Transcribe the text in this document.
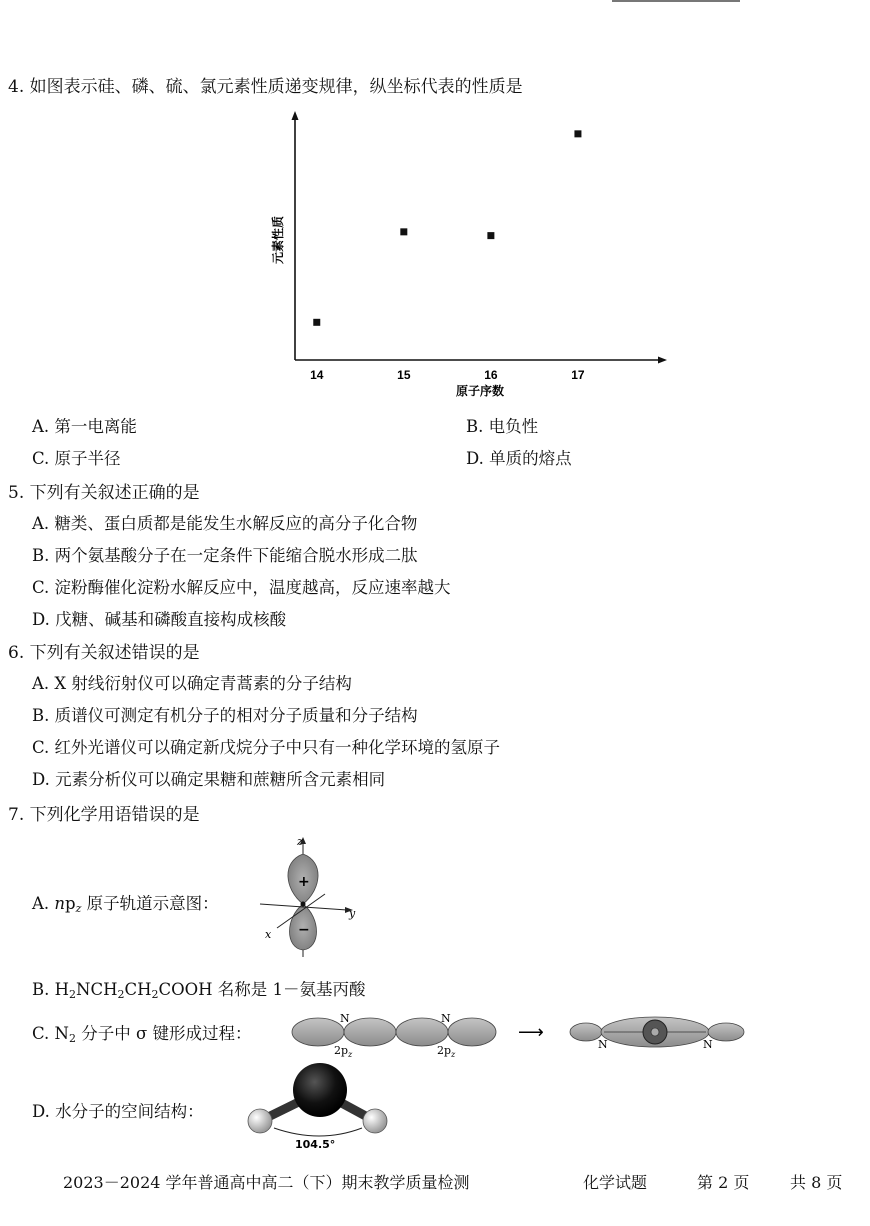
4. 如图表示硅、磷、硫、氯元素性质递变规律，纵坐标代表的性质是
14	15	16	17
原子序数
元素性质
A. 第一电离能	B. 电负性
C. 原子半径	D. 单质的熔点
5. 下列有关叙述正确的是
A. 糖类、蛋白质都是能发生水解反应的高分子化合物
B. 两个氨基酸分子在一定条件下能缩合脱水形成二肽
C. 淀粉酶催化淀粉水解反应中，温度越高，反应速率越大
D. 戊糖、碱基和磷酸直接构成核酸
6. 下列有关叙述错误的是
A. X 射线衍射仪可以确定青蒿素的分子结构
B. 质谱仪可测定有机分子的相对分子质量和分子结构
C. 红外光谱仪可以确定新戊烷分子中只有一种化学环境的氢原子
D. 元素分析仪可以确定果糖和蔗糖所含元素相同
7. 下列化学用语错误的是
A. $np_z$ 原子轨道示意图：
z
y
x
+
−
B. $H_2NCH_2CH_2COOH$ 名称是 1－氨基丙酸
C. $N_2$ 分子中 σ 键形成过程：
N	N
$2p_z$	$2p_z$
⟶
N	N
D. 水分子的空间结构：
104.5°
2023－2024 学年普通高中高二（下）期末教学质量检测	化学试题	第 2 页	共 8 页
